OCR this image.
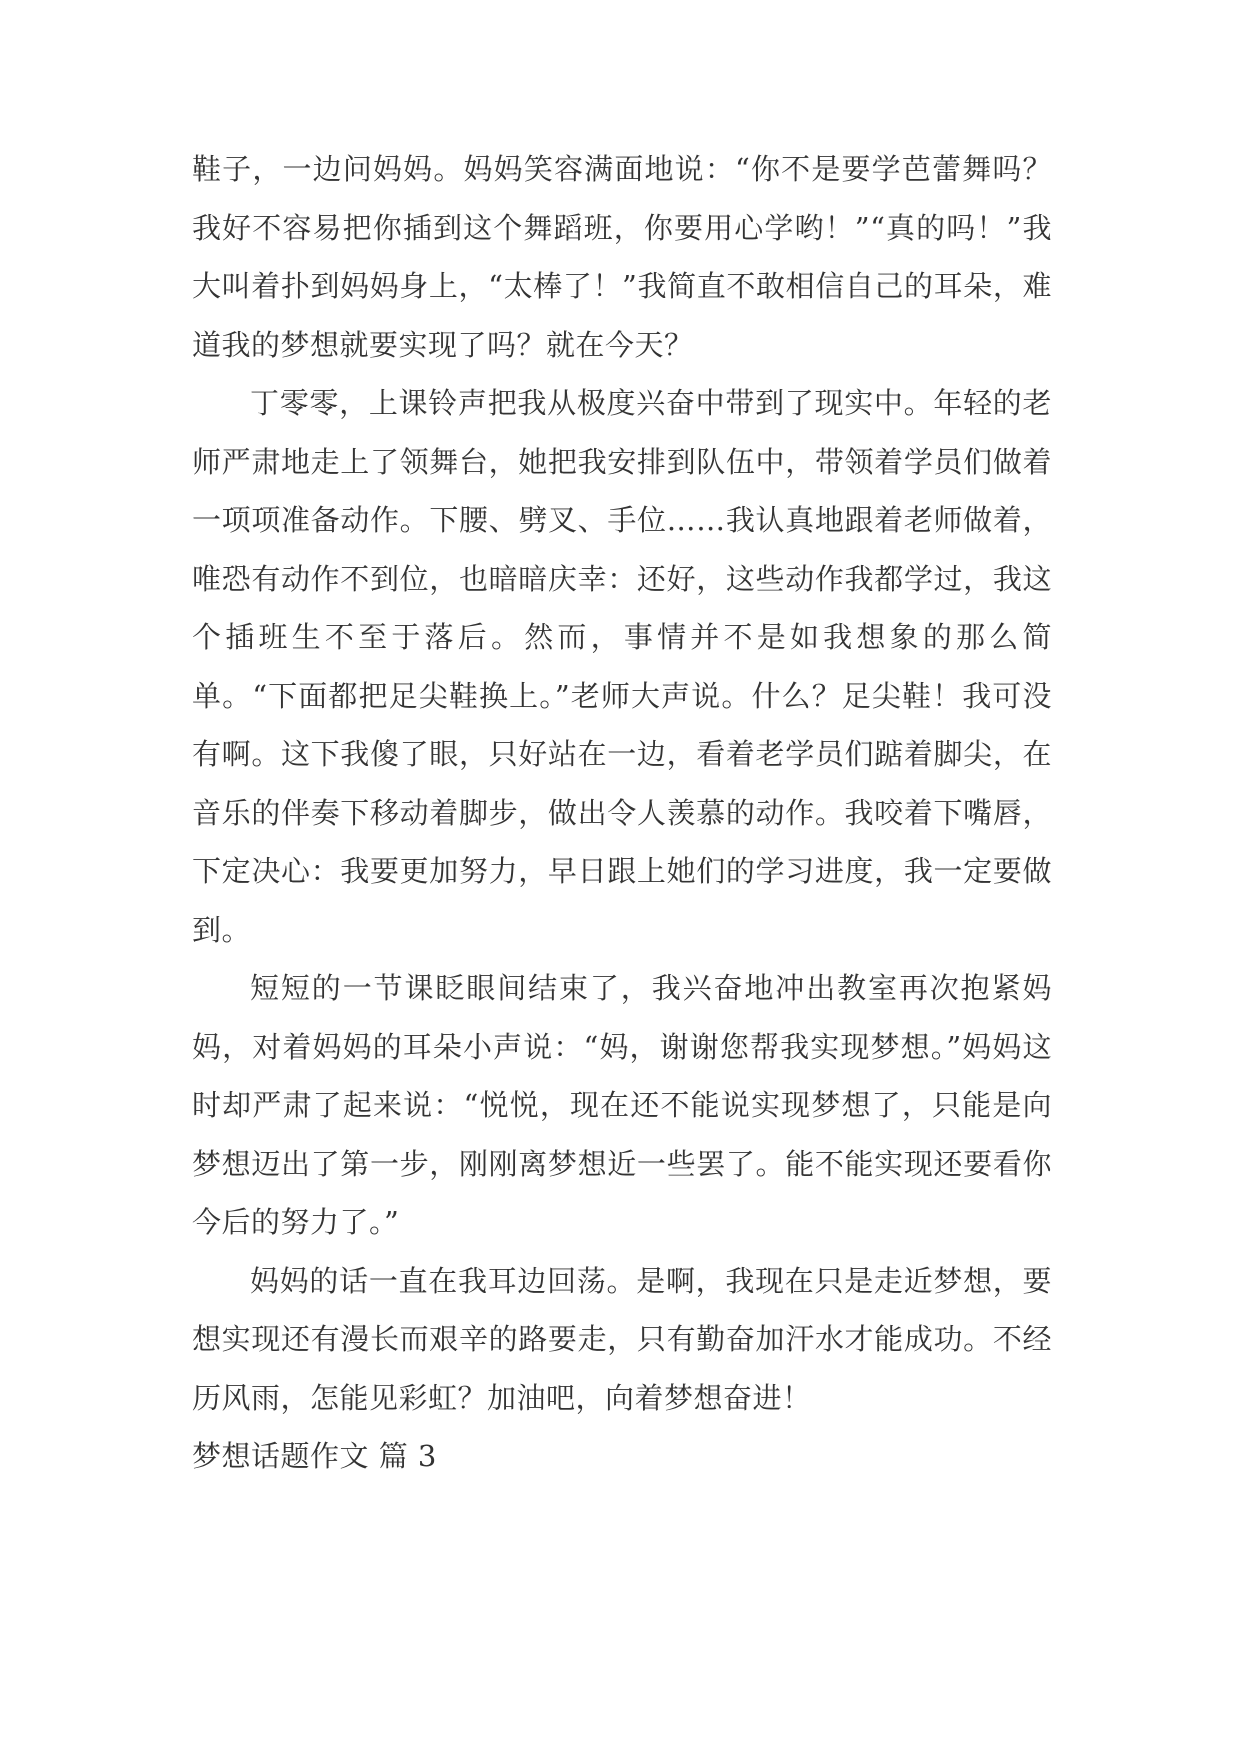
鞋子，一边问妈妈。妈妈笑容满面地说：“你不是要学芭蕾舞吗？我好不容易把你插到这个舞蹈班，你要用心学哟！”“真的吗！”我大叫着扑到妈妈身上，“太棒了！”我简直不敢相信自己的耳朵，难道我的梦想就要实现了吗？就在今天？

丁零零，上课铃声把我从极度兴奋中带到了现实中。年轻的老师严肃地走上了领舞台，她把我安排到队伍中，带领着学员们做着一项项准备动作。下腰、劈叉、手位……我认真地跟着老师做着，唯恐有动作不到位，也暗暗庆幸：还好，这些动作我都学过，我这个插班生不至于落后。然而，事情并不是如我想象的那么简单。“下面都把足尖鞋换上。”老师大声说。什么？足尖鞋！我可没有啊。这下我傻了眼，只好站在一边，看着老学员们踮着脚尖，在音乐的伴奏下移动着脚步，做出令人羡慕的动作。我咬着下嘴唇，下定决心：我要更加努力，早日跟上她们的学习进度，我一定要做到。

短短的一节课眨眼间结束了，我兴奋地冲出教室再次抱紧妈妈，对着妈妈的耳朵小声说：“妈，谢谢您帮我实现梦想。”妈妈这时却严肃了起来说：“悦悦，现在还不能说实现梦想了，只能是向梦想迈出了第一步，刚刚离梦想近一些罢了。能不能实现还要看你今后的努力了。”

妈妈的话一直在我耳边回荡。是啊，我现在只是走近梦想，要想实现还有漫长而艰辛的路要走，只有勤奋加汗水才能成功。不经历风雨，怎能见彩虹？加油吧，向着梦想奋进！

梦想话题作文 篇 3
